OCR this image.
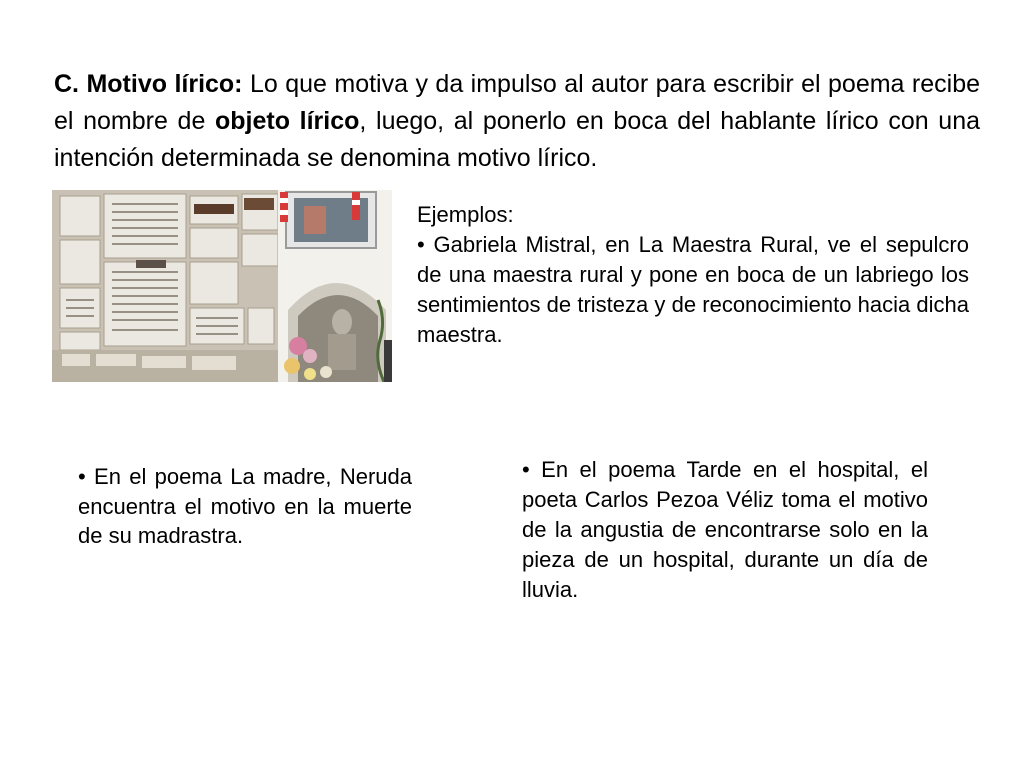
C. Motivo lírico: Lo que motiva y da impulso al autor para escribir el poema recibe el nombre de objeto lírico, luego, al ponerlo en boca del hablante lírico con una intención determinada se denomina motivo lírico.

Ejemplos:
• Gabriela Mistral, en La Maestra Rural, ve el sepulcro de una maestra rural y pone en boca de un labriego los sentimientos de tristeza y de reconocimiento hacia dicha maestra.

• En el poema La madre, Neruda encuentra el motivo en la muerte de su madrastra.

• En el poema Tarde en el hospital, el poeta Carlos Pezoa Véliz toma el motivo de la angustia de encontrarse solo en la pieza de un hospital, durante un día de lluvia.
